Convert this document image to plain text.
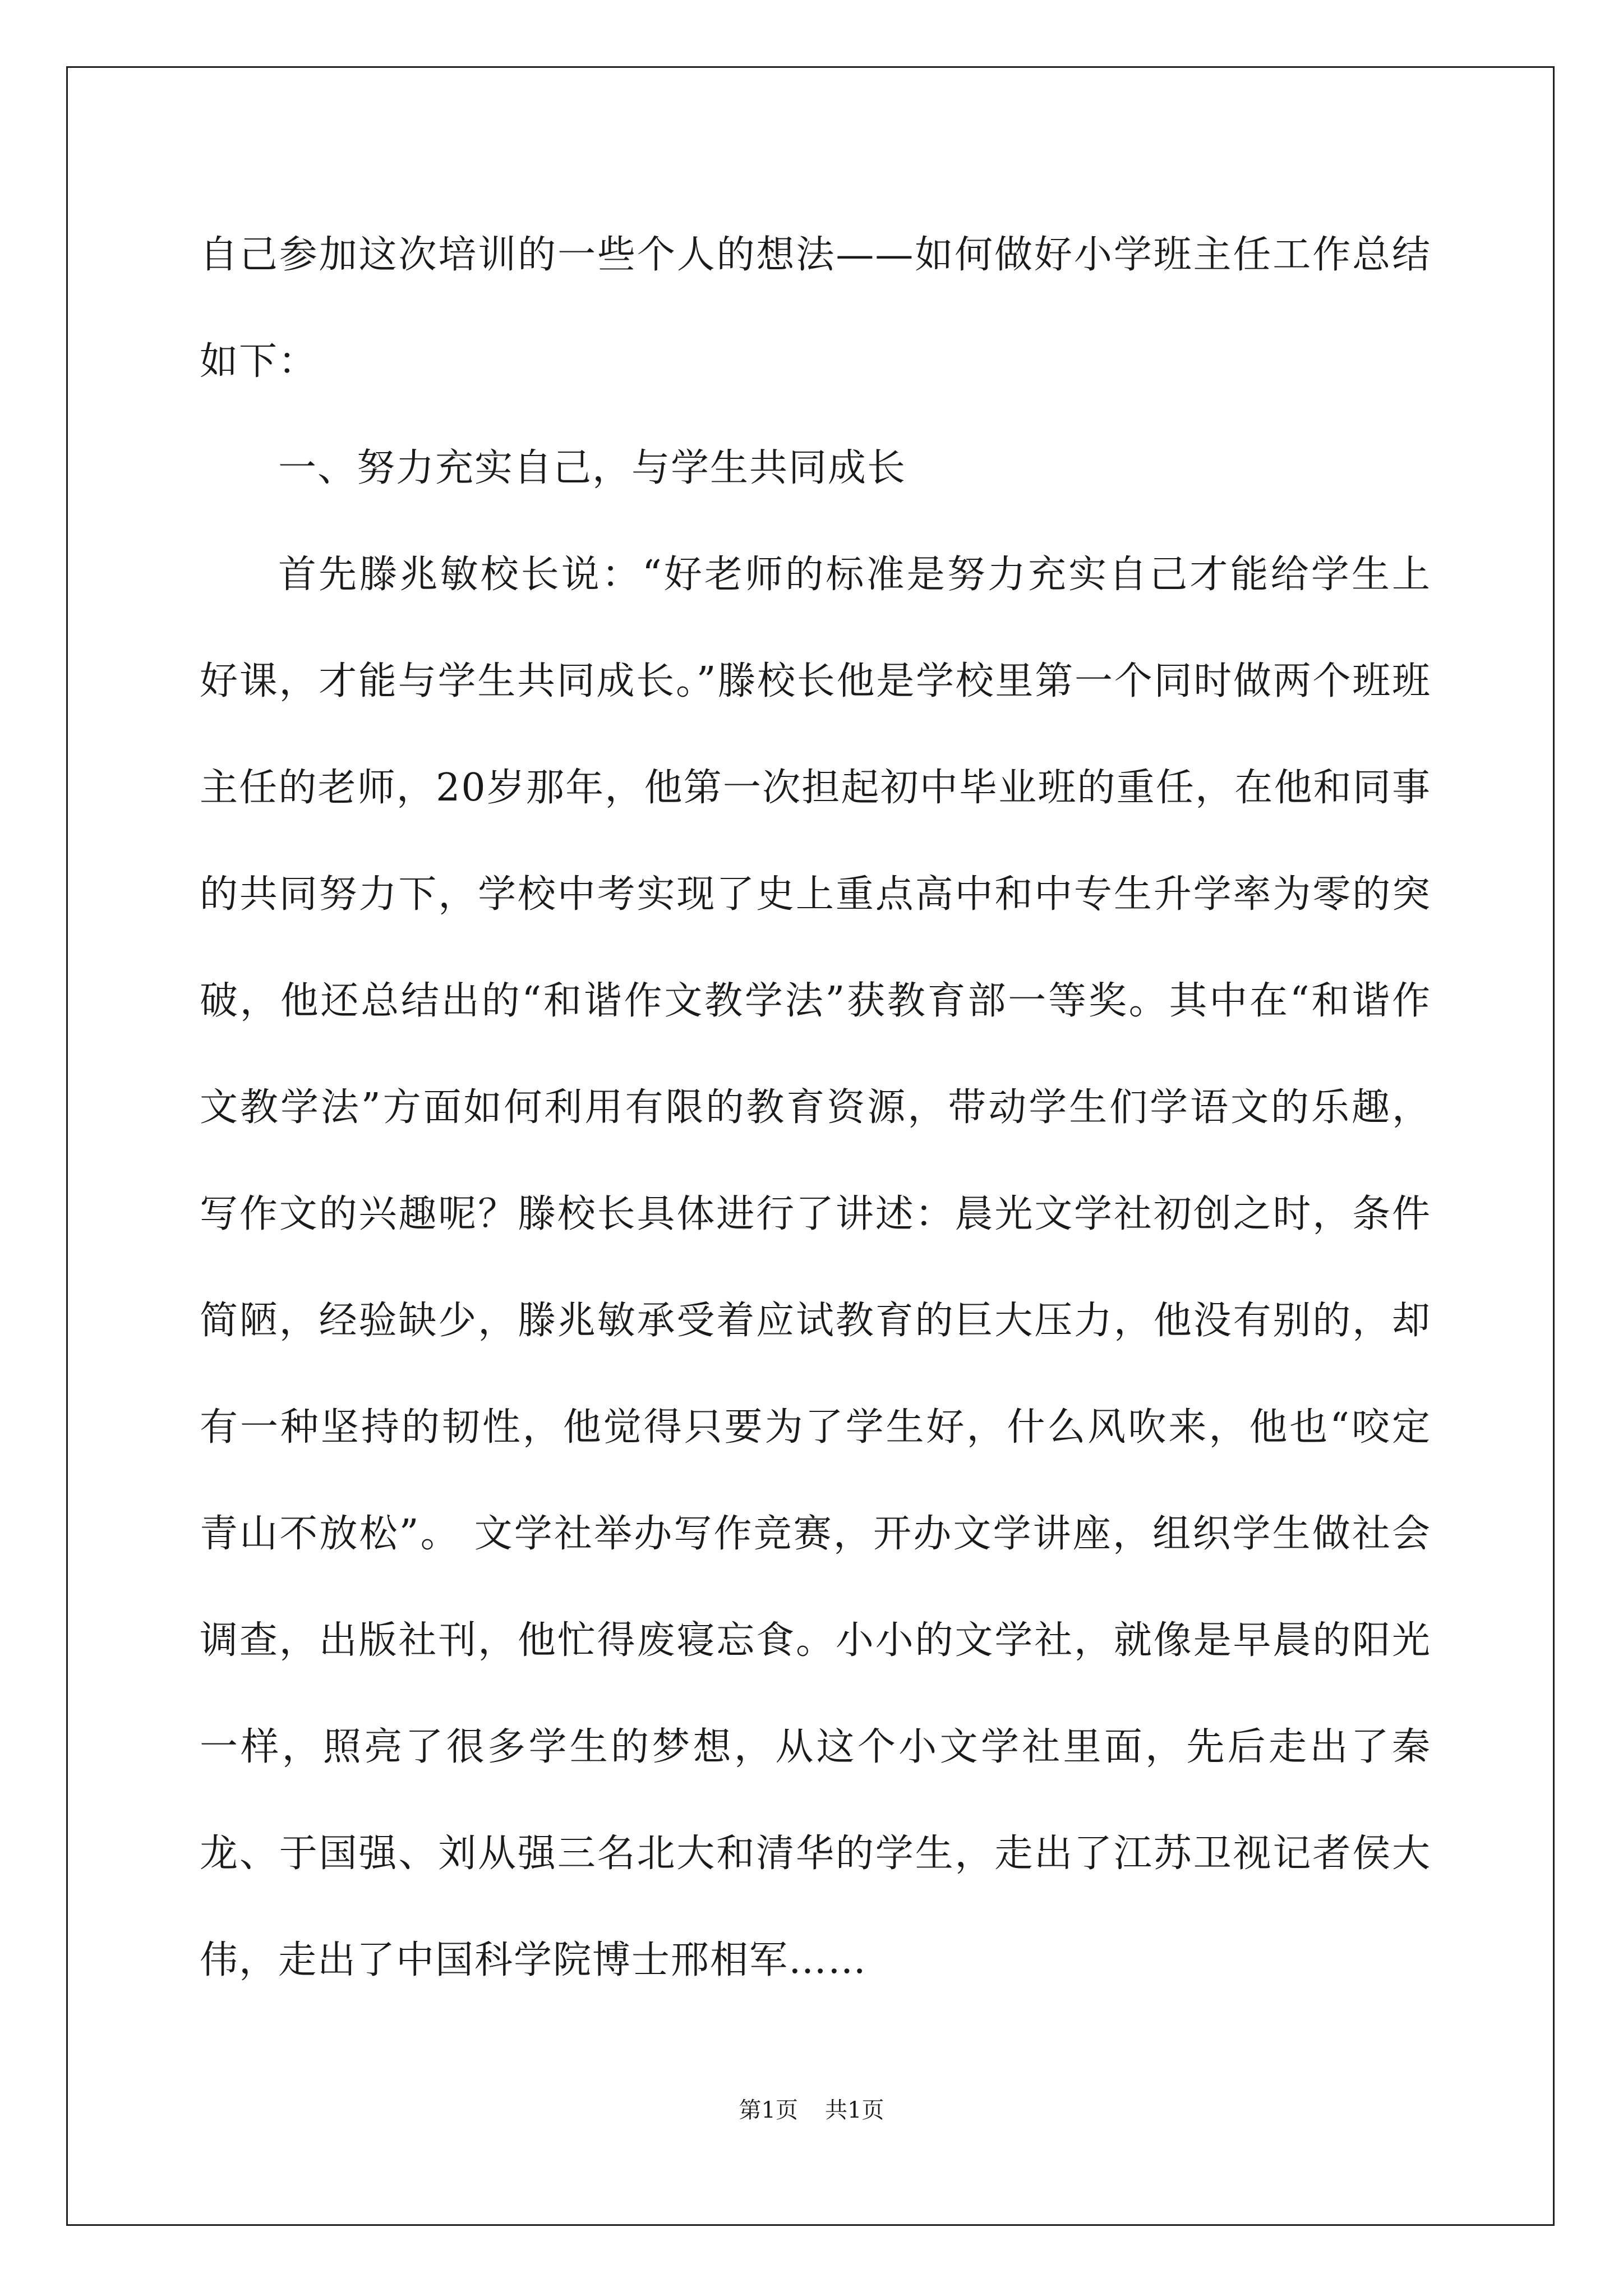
自己参加这次培训的一些个人的想法——如何做好小学班主任工作总结如下：

一、努力充实自己，与学生共同成长

首先滕兆敏校长说：“好老师的标准是努力充实自己才能给学生上好课，才能与学生共同成长。”滕校长他是学校里第一个同时做两个班班主任的老师，20岁那年，他第一次担起初中毕业班的重任，在他和同事的共同努力下，学校中考实现了史上重点高中和中专生升学率为零的突破，他还总结出的“和谐作文教学法”获教育部一等奖。其中在“和谐作文教学法”方面如何利用有限的教育资源，带动学生们学语文的乐趣，写作文的兴趣呢？滕校长具体进行了讲述：晨光文学社初创之时，条件简陋，经验缺少，滕兆敏承受着应试教育的巨大压力，他没有别的，却有一种坚持的韧性，他觉得只要为了学生好，什么风吹来，他也“咬定青山不放松”。 文学社举办写作竞赛，开办文学讲座，组织学生做社会调查，出版社刊，他忙得废寝忘食。小小的文学社，就像是早晨的阳光一样，照亮了很多学生的梦想，从这个小文学社里面，先后走出了秦龙、于国强、刘从强三名北大和清华的学生，走出了江苏卫视记者侯大伟，走出了中国科学院博士邢相军……

第1页 共1页
